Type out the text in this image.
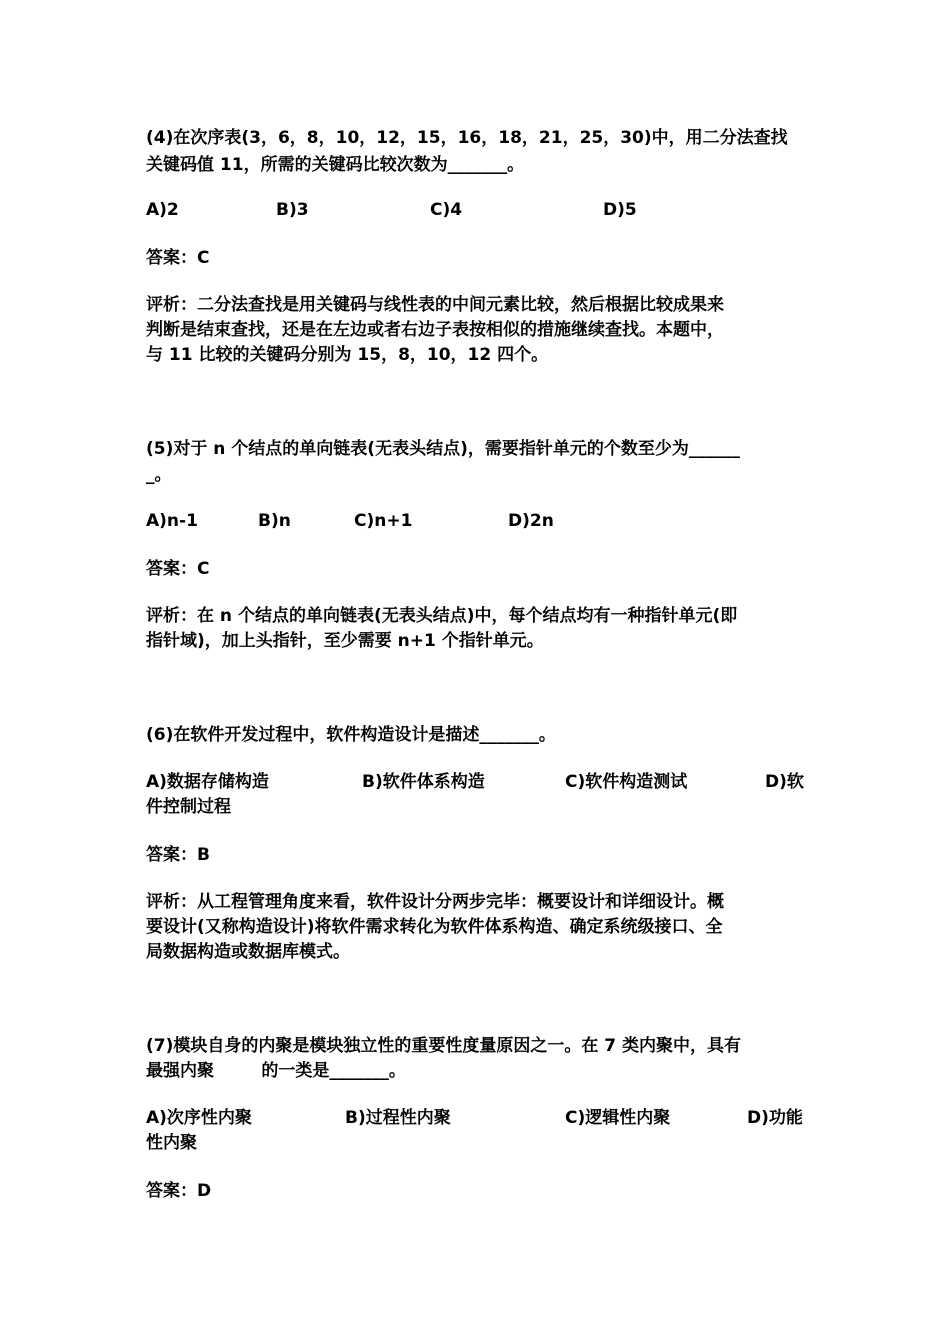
(4)在次序表(3，6，8，10，12，15，16，18，21，25，30)中，用二分法查找
关键码值 11，所需的关键码比较次数为_______。
A)2	B)3	C)4	D)5
答案：C
评析：二分法查找是用关键码与线性表的中间元素比较，然后根据比较成果来
判断是结束查找，还是在左边或者右边子表按相似的措施继续查找。本题中，
与 11 比较的关键码分别为 15，8，10，12 四个。
(5)对于 n 个结点的单向链表(无表头结点)，需要指针单元的个数至少为______
_。
A)n-1	B)n	C)n+1	D)2n
答案：C
评析：在 n 个结点的单向链表(无表头结点)中，每个结点均有一种指针单元(即
指针域)，加上头指针，至少需要 n+1 个指针单元。
(6)在软件开发过程中，软件构造设计是描述_______。
A)数据存储构造	B)软件体系构造	C)软件构造测试	D)软
件控制过程
答案：B
评析：从工程管理角度来看，软件设计分两步完毕：概要设计和详细设计。概
要设计(又称构造设计)将软件需求转化为软件体系构造、确定系统级接口、全
局数据构造或数据库模式。
(7)模块自身的内聚是模块独立性的重要性度量原因之一。在 7 类内聚中，具有
最强内聚        的一类是_______。
A)次序性内聚	B)过程性内聚	C)逻辑性内聚	D)功能
性内聚
答案：D
